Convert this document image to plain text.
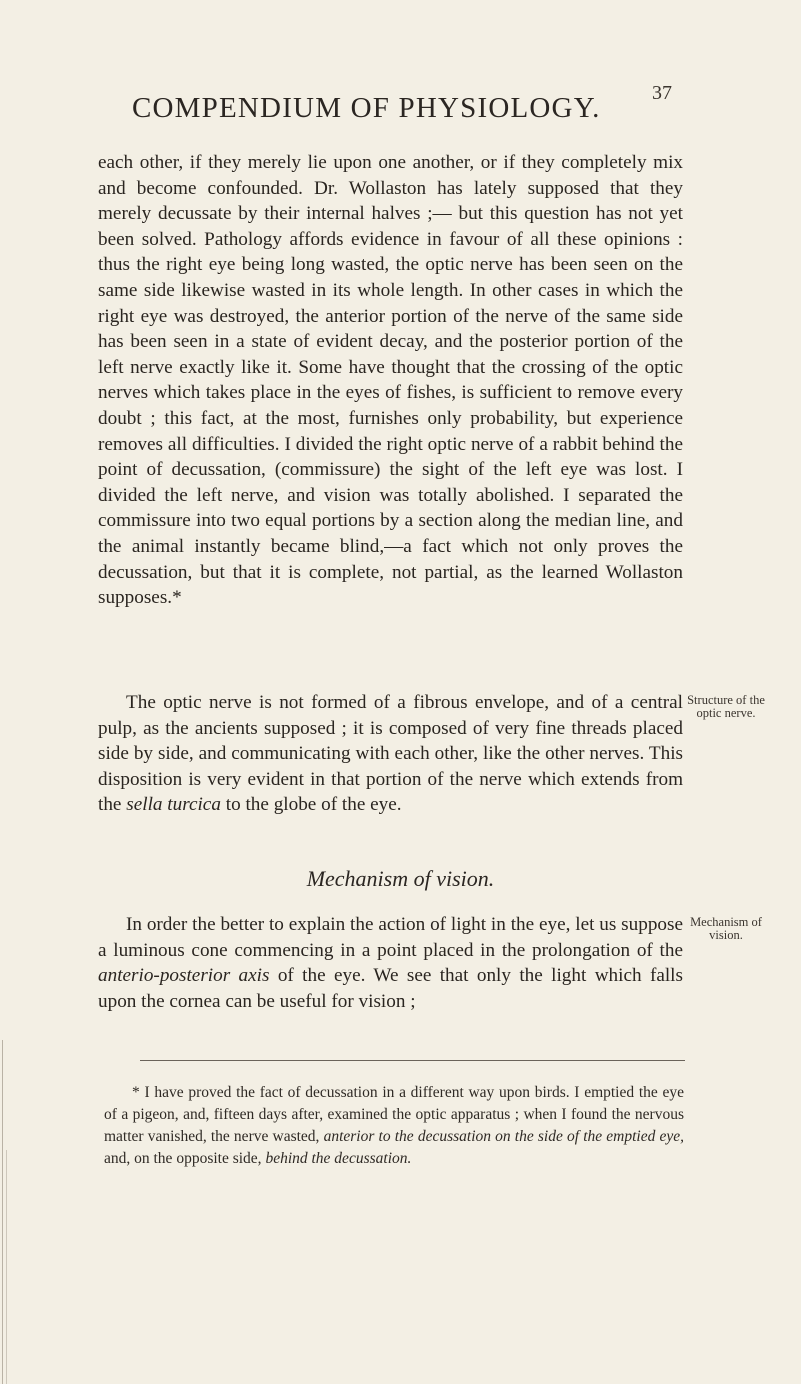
COMPENDIUM OF PHYSIOLOGY.	37

each other, if they merely lie upon one another, or if they completely mix and become confounded. Dr. Wollaston has lately supposed that they merely decussate by their internal halves ;— but this question has not yet been solved. Pathology affords evidence in favour of all these opinions : thus the right eye being long wasted, the optic nerve has been seen on the same side likewise wasted in its whole length. In other cases in which the right eye was destroyed, the anterior portion of the nerve of the same side has been seen in a state of evident decay, and the posterior portion of the left nerve exactly like it. Some have thought that the crossing of the optic nerves which takes place in the eyes of fishes, is sufficient to remove every doubt ; this fact, at the most, furnishes only probability, but experience removes all difficulties. I divided the right optic nerve of a rabbit behind the point of decussation, (commissure) the sight of the left eye was lost. I divided the left nerve, and vision was totally abolished. I separated the commissure into two equal portions by a section along the median line, and the animal instantly became blind,—a fact which not only proves the decussation, but that it is complete, not partial, as the learned Wollaston supposes.*

The optic nerve is not formed of a fibrous envelope, and of a central pulp, as the ancients supposed ; it is composed of very fine threads placed side by side, and communicating with each other, like the other nerves. This disposition is very evident in that portion of the nerve which extends from the sella turcica to the globe of the eye.

Structure of the optic nerve.
Mechanism of vision.

In order the better to explain the action of light in the eye, let us suppose a luminous cone commencing in a point placed in the prolongation of the anterio-posterior axis of the eye. We see that only the light which falls upon the cornea can be useful for vision ;

Mechanism of vision.

* I have proved the fact of decussation in a different way upon birds. I emptied the eye of a pigeon, and, fifteen days after, examined the optic apparatus ; when I found the nervous matter vanished, the nerve wasted, anterior to the decussation on the side of the emptied eye, and, on the opposite side, behind the decussation.
